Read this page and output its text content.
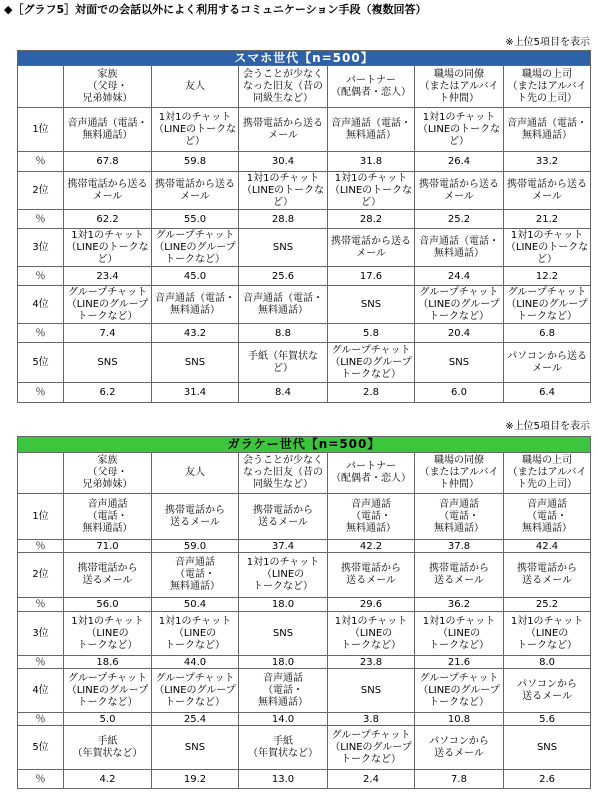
◆［グラフ5］対面での会話以外によく利用するコミュニケーション手段（複数回答）
※上位5項目を表示
スマホ世代【n=500】						
	家族
（父母・
兄弟姉妹）	友人	会うことが少なく
なった旧友（昔の
同級生など）	パートナー
（配偶者・恋人）	職場の同僚
（またはアルバイ
ト仲間）	職場の上司
（またはアルバイ
ト先の上司）
1位	音声通話（電話・
無料通話）	1対1のチャット
（LINEのトークな
ど）	携帯電話から送る
メール	音声通話（電話・
無料通話）	1対1のチャット
（LINEのトークな
ど）	音声通話（電話・
無料通話）
％	67.8	59.8	30.4	31.8	26.4	33.2
2位	携帯電話から送る
メール	携帯電話から送る
メール	1対1のチャット
（LINEのトークな
ど）	1対1のチャット
（LINEのトークな
ど）	携帯電話から送る
メール	携帯電話から送る
メール
％	62.2	55.0	28.8	28.2	25.2	21.2
3位	1対1のチャット
（LINEのトークな
ど）	グループチャット
（LINEのグループ
トークなど）	SNS	携帯電話から送る
メール	音声通話（電話・
無料通話）	1対1のチャット
（LINEのトークな
ど）
％	23.4	45.0	25.6	17.6	24.4	12.2
4位	グループチャット
（LINEのグループ
トークなど）	音声通話（電話・
無料通話）	音声通話（電話・
無料通話）	SNS	グループチャット
（LINEのグループ
トークなど）	グループチャット
（LINEのグループ
トークなど）
％	7.4	43.2	8.8	5.8	20.4	6.8
5位	SNS	SNS	手紙（年賀状な
ど）	グループチャット
（LINEのグループ
トークなど）	SNS	パソコンから送る
メール
％	6.2	31.4	8.4	2.8	6.0	6.4
※上位5項目を表示
ガラケー世代【n=500】						
	家族
（父母・
兄弟姉妹）	友人	会うことが少なく
なった旧友（昔の
同級生など）	パートナー
（配偶者・恋人）	職場の同僚
（またはアルバイ
ト仲間）	職場の上司
（またはアルバイ
ト先の上司）
1位	音声通話
（電話・
無料通話）	携帯電話から
送るメール	携帯電話から
送るメール	音声通話
（電話・
無料通話）	音声通話
（電話・
無料通話）	音声通話
（電話・
無料通話）
％	71.0	59.0	37.4	42.2	37.8	42.4
2位	携帯電話から
送るメール	音声通話
（電話・
無料通話）	1対1のチャット
（LINEの
トークなど）	携帯電話から
送るメール	携帯電話から
送るメール	携帯電話から
送るメール
％	56.0	50.4	18.0	29.6	36.2	25.2
3位	1対1のチャット
（LINEの
トークなど）	1対1のチャット
（LINEの
トークなど）	SNS	1対1のチャット
（LINEの
トークなど）	1対1のチャット
（LINEの
トークなど）	1対1のチャット
（LINEの
トークなど）
％	18.6	44.0	18.0	23.8	21.6	8.0
4位	グループチャット
（LINEのグループ
トークなど）	グループチャット
（LINEのグループ
トークなど）	音声通話
（電話・
無料通話）	SNS	グループチャット
（LINEのグループ
トークなど）	パソコンから
送るメール
％	5.0	25.4	14.0	3.8	10.8	5.6
5位	手紙
（年賀状など）	SNS	手紙
（年賀状など）	グループチャット
（LINEのグループ
トークなど）	パソコンから
送るメール	SNS
％	4.2	19.2	13.0	2.4	7.8	2.6
